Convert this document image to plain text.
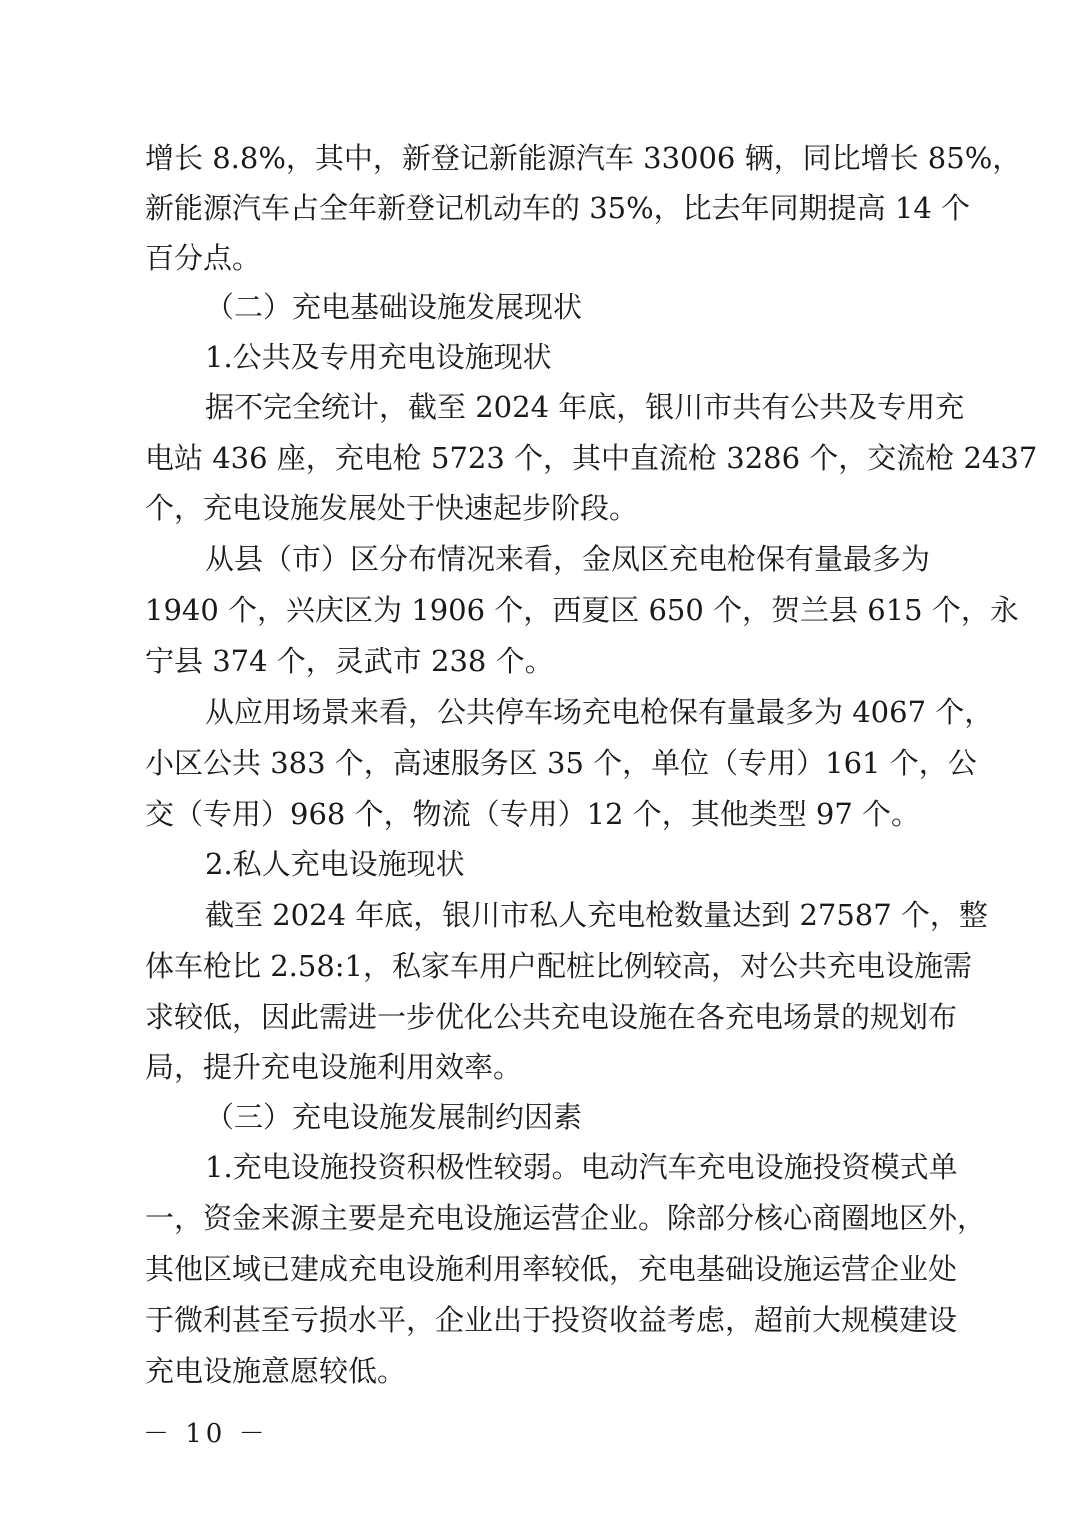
增长 8.8%，其中，新登记新能源汽车 33006 辆，同比增长 85%，

新能源汽车占全年新登记机动车的 35%，比去年同期提高 14 个

百分点。

（二）充电基础设施发展现状

1.公共及专用充电设施现状

据不完全统计，截至 2024 年底，银川市共有公共及专用充

电站 436 座，充电枪 5723 个，其中直流枪 3286 个，交流枪 2437

个，充电设施发展处于快速起步阶段。

从县（市）区分布情况来看，金凤区充电枪保有量最多为

1940 个，兴庆区为 1906 个，西夏区 650 个，贺兰县 615 个，永

宁县 374 个，灵武市 238 个。

从应用场景来看，公共停车场充电枪保有量最多为 4067 个，

小区公共 383 个，高速服务区 35 个，单位（专用）161 个，公

交（专用）968 个，物流（专用）12 个，其他类型 97 个。

2.私人充电设施现状

截至 2024 年底，银川市私人充电枪数量达到 27587 个，整

体车枪比 2.58:1，私家车用户配桩比例较高，对公共充电设施需

求较低，因此需进一步优化公共充电设施在各充电场景的规划布

局，提升充电设施利用效率。

（三）充电设施发展制约因素

1.充电设施投资积极性较弱。电动汽车充电设施投资模式单

一，资金来源主要是充电设施运营企业。除部分核心商圈地区外，

其他区域已建成充电设施利用率较低，充电基础设施运营企业处

于微利甚至亏损水平，企业出于投资收益考虑，超前大规模建设

充电设施意愿较低。

－ 10 －
